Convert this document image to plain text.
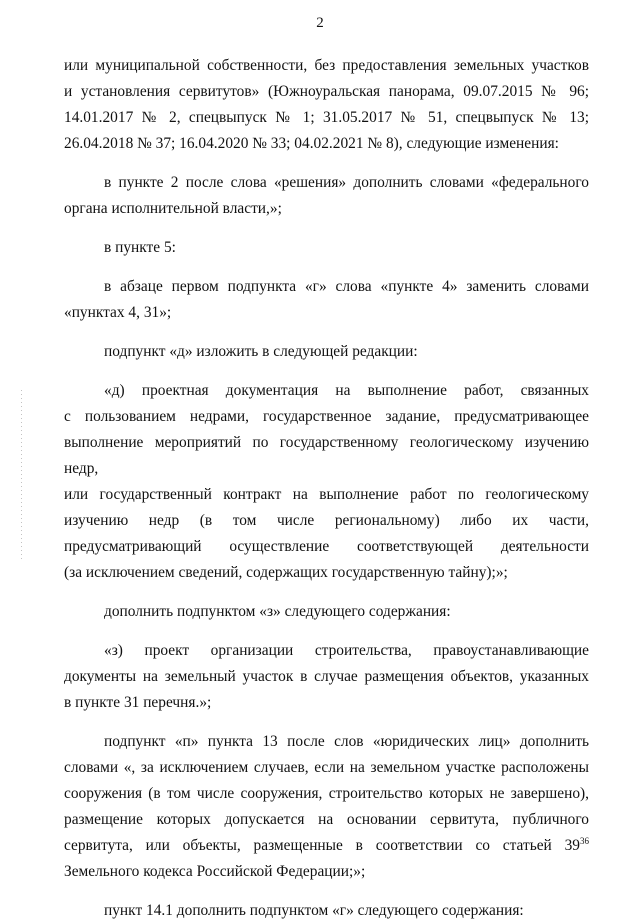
2
или муниципальной собственности, без предоставления земельных участков
и установления сервитутов» (Южноуральская панорама, 09.07.2015 № 96;
14.01.2017 № 2, спецвыпуск № 1; 31.05.2017 № 51, спецвыпуск № 13;
26.04.2018 № 37; 16.04.2020 № 33; 04.02.2021 № 8), следующие изменения:
в пункте 2 после слова «решения» дополнить словами «федерального
органа исполнительной власти,»;
в пункте 5:
в абзаце первом подпункта «г» слова «пункте 4» заменить словами
«пунктах 4, 31»;
подпункт «д» изложить в следующей редакции:
«д) проектная документация на выполнение работ, связанных
с пользованием недрами, государственное задание, предусматривающее
выполнение мероприятий по государственному геологическому изучению недр,
или государственный контракт на выполнение работ по геологическому
изучению недр (в том числе региональному) либо их части,
предусматривающий осуществление соответствующей деятельности
(за исключением сведений, содержащих государственную тайну);»;
дополнить подпунктом «з» следующего содержания:
«з) проект организации строительства, правоустанавливающие
документы на земельный участок в случае размещения объектов, указанных
в пункте 31 перечня.»;
подпункт «п» пункта 13 после слов «юридических лиц» дополнить
словами «, за исключением случаев, если на земельном участке расположены
сооружения (в том числе сооружения, строительство которых не завершено),
размещение которых допускается на основании сервитута, публичного
сервитута, или объекты, размещенные в соответствии со статьей $39^{36}$
Земельного кодекса Российской Федерации;»;
пункт 14.1 дополнить подпунктом «г» следующего содержания:
